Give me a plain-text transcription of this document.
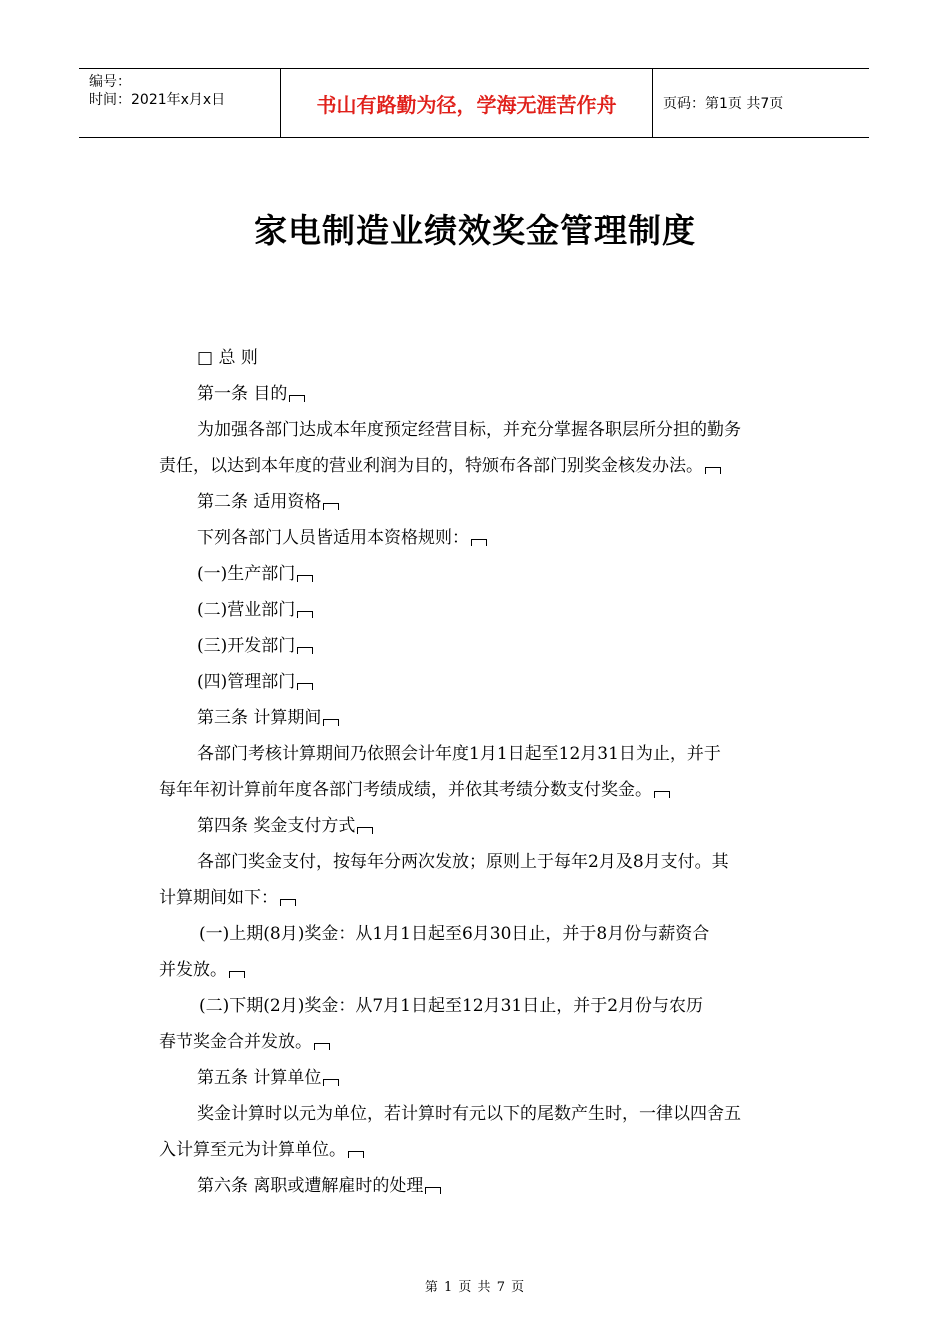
编号：
时间：2021年x月x日	书山有路勤为径，学海无涯苦作舟	页码：第1页 共7页
家电制造业绩效奖金管理制度
□ 总 则
第一条 目的
为加强各部门达成本年度预定经营目标，并充分掌握各职层所分担的勤务
责任，以达到本年度的营业利润为目的，特颁布各部门别奖金核发办法。
第二条 适用资格
下列各部门人员皆适用本资格规则：
(一)生产部门
(二)营业部门
(三)开发部门
(四)管理部门
第三条 计算期间
各部门考核计算期间乃依照会计年度1月1日起至12月31日为止，并于
每年年初计算前年度各部门考绩成绩，并依其考绩分数支付奖金。
第四条 奖金支付方式
各部门奖金支付，按每年分两次发放；原则上于每年2月及8月支付。其
计算期间如下：
(一)上期(8月)奖金：从1月1日起至6月30日止，并于8月份与薪资合
并发放。
(二)下期(2月)奖金：从7月1日起至12月31日止，并于2月份与农历
春节奖金合并发放。
第五条 计算单位
奖金计算时以元为单位，若计算时有元以下的尾数产生时，一律以四舍五
入计算至元为计算单位。
第六条 离职或遭解雇时的处理
第 1 页 共 7 页
